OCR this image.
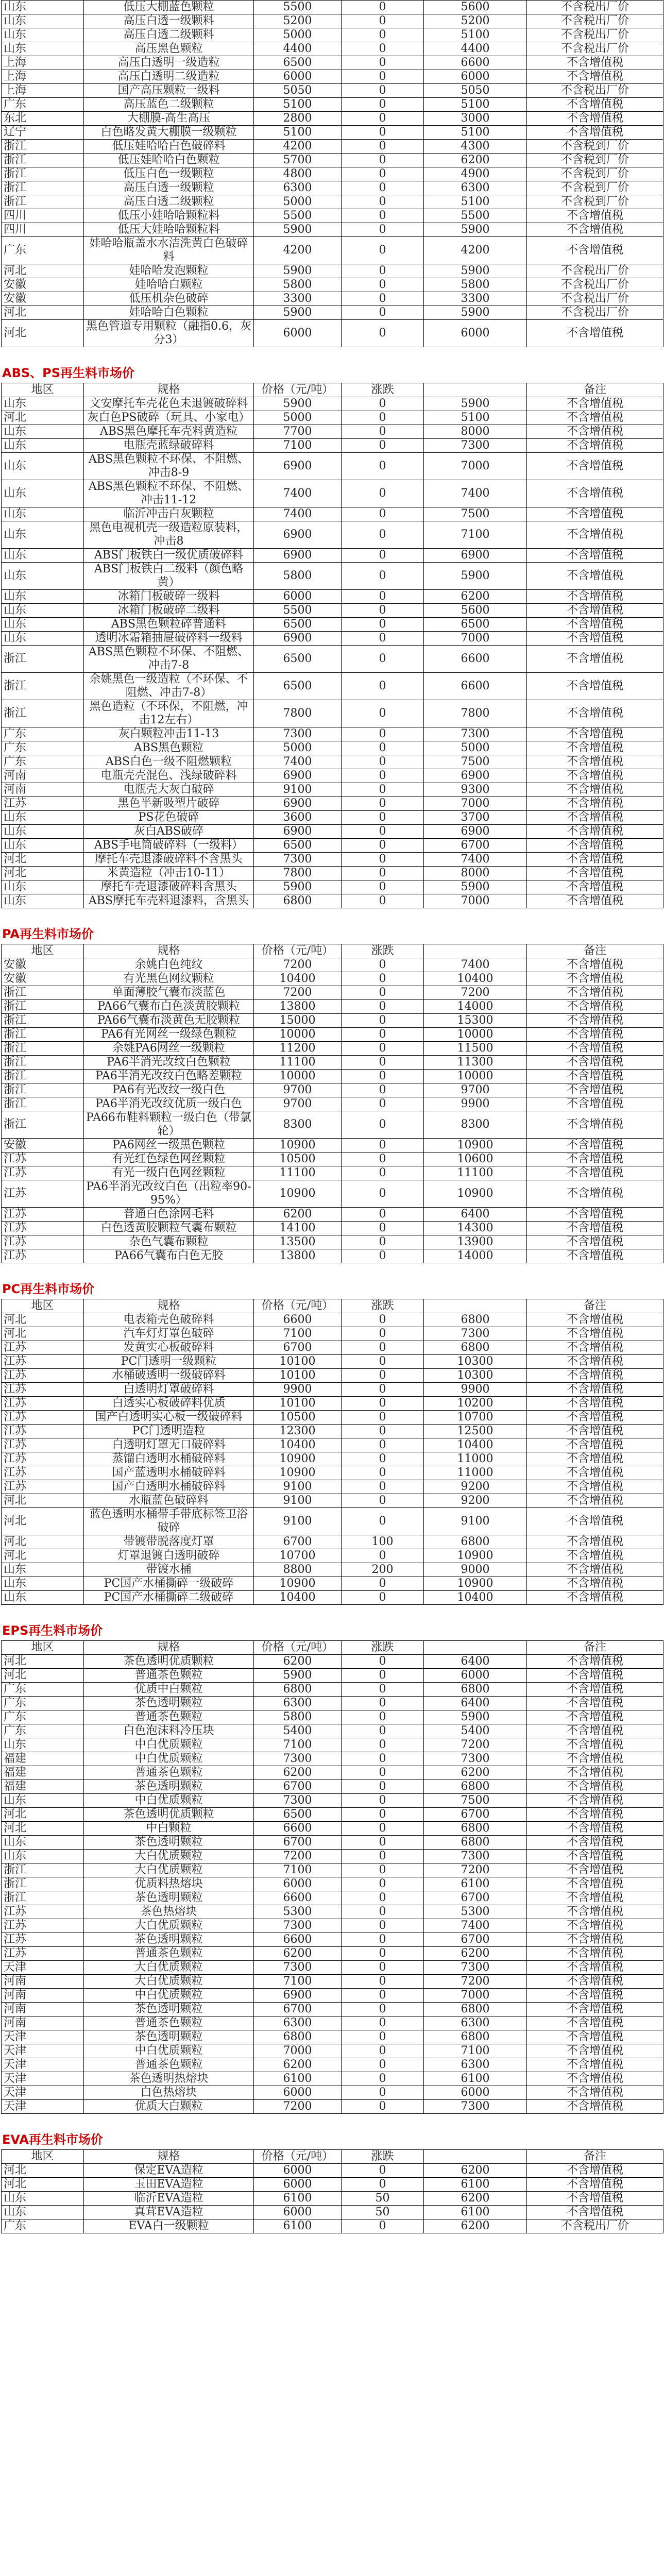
山东	低压大棚蓝色颗粒	5500	0	5600	不含税出厂价
山东	高压白透一级颗料	5200	0	5200	不含税出厂价
山东	高压白透二级颗料	5000	0	5100	不含税出厂价
山东	高压黑色颗粒	4400	0	4400	不含税出厂价
上海	高压白透明一级造粒	6500	0	6600	不含增值税
上海	高压白透明二级造粒	6000	0	6000	不含增值税
上海	国产高压颗粒一级料	5050	0	5050	不含税出厂价
广东	高压蓝色二级颗粒	5100	0	5100	不含增值税
东北	大棚膜-高生高压	2800	0	3000	不含增值税
辽宁	白色略发黄大棚膜一级颗粒	5100	0	5100	不含增值税
浙江	低压娃哈哈白色破碎料	4200	0	4300	不含税到厂价
浙江	低压娃哈哈白色颗粒	5700	0	6200	不含税到厂价
浙江	低压白色一级颗粒	4800	0	4900	不含税到厂价
浙江	高压白透一级颗粒	6300	0	6300	不含税到厂价
浙江	高压白透二级颗粒	5000	0	5100	不含税到厂价
四川	低压小娃哈哈颗粒料	5500	0	5500	不含增值税
四川	低压大娃哈哈颗粒料	5900	0	5900	不含增值税
广东	娃哈哈瓶盖水水洁洗黄白色破碎料	4200	0	4200	不含增值税
河北	娃哈哈发泡颗粒	5900	0	5900	不含税出厂价
安徽	娃哈哈白颗粒	5800	0	5800	不含税出厂价
安徽	低压机杂色破碎	3300	0	3300	不含税出厂价
河北	娃哈哈白色颗粒	5900	0	5900	不含税出厂价
河北	黑色管道专用颗粒（融指0.6，灰分3）	6000	0	6000	不含增值税
ABS、PS再生料市场价
地区	规格	价格（元/吨）	涨跌		备注
山东	文安摩托车壳花色未退镀破碎料	5900	0	5900	不含增值税
河北	灰白色PS破碎（玩具、小家电）	5000	0	5100	不含增值税
山东	ABS黑色摩托车壳料黄造粒	7700	0	8000	不含增值税
山东	电瓶壳蓝绿破碎料	7100	0	7300	不含增值税
山东	ABS黑色颗粒不环保、不阻燃、冲击8-9	6900	0	7000	不含增值税
山东	ABS黑色颗粒不环保、不阻燃、冲击11-12	7400	0	7400	不含增值税
山东	临沂冲击白灰颗粒	7400	0	7500	不含增值税
山东	黑色电视机壳一级造粒原装料，冲击8	6900	0	7100	不含增值税
山东	ABS门板铁白一级优质破碎料	6900	0	6900	不含增值税
山东	ABS门板铁白二级料（颜色略黄）	5800	0	5900	不含增值税
山东	冰箱门板破碎一级料	6000	0	6200	不含增值税
山东	冰箱门板破碎二级料	5500	0	5600	不含增值税
山东	ABS黑色颗粒碎普通料	6500	0	6500	不含增值税
山东	透明冰霜箱抽屉破碎料一级料	6900	0	7000	不含增值税
浙江	ABS黑色颗粒不环保、不阻燃、冲击7-8	6500	0	6600	不含增值税
浙江	余姚黑色一级造粒（不环保、不阻燃、冲击7-8）	6500	0	6600	不含增值税
浙江	黑色造粒（不环保，不阻燃，冲击12左右）	7800	0	7800	不含增值税
广东	灰白颗粒冲击11-13	7300	0	7300	不含增值税
广东	ABS黑色颗粒	5000	0	5000	不含增值税
广东	ABS白色一级不阻燃颗粒	7400	0	7500	不含增值税
河南	电瓶壳壳混色、浅绿破碎料	6900	0	6900	不含增值税
河南	电瓶壳大灰白破碎	9100	0	9300	不含增值税
江苏	黑色半新吸塑片破碎	6900	0	7000	不含增值税
山东	PS花色破碎	3600	0	3700	不含增值税
山东	灰白ABS破碎	6900	0	6900	不含增值税
山东	ABS手电筒破碎料（一级料）	6500	0	6700	不含增值税
河北	摩托车壳退漆破碎料不含黑头	7300	0	7400	不含增值税
河北	米黄造粒（冲击10-11）	7800	0	8000	不含增值税
山东	摩托车壳退漆破碎料含黑头	5900	0	5900	不含增值税
山东	ABS摩托车壳料退漆料，含黑头	6800	0	7000	不含增值税
PA再生料市场价
地区	规格	价格（元/吨）	涨跌		备注
安徽	余姚白色纯纹	7200	0	7400	不含增值税
安徽	有光黑色网纹颗粒	10400	0	10400	不含增值税
浙江	单面薄胶气囊布淡蓝色	7200	0	7200	不含增值税
浙江	PA66气囊布白色淡黄胶颗粒	13800	0	14000	不含增值税
浙江	PA66气囊布淡黄色无胶颗粒	15000	0	15300	不含增值税
浙江	PA6有光网丝一级绿色颗粒	10000	0	10000	不含增值税
浙江	余姚PA6网丝一级颗粒	11200	0	11500	不含增值税
浙江	PA6半消光改纹白色颗粒	11100	0	11300	不含增值税
浙江	PA6半消光改纹白色略差颗粒	10000	0	10000	不含增值税
浙江	PA6有光改纹一级白色	9700	0	9700	不含增值税
浙江	PA6半消光改纹优质一级白色	9700	0	9900	不含增值税
浙江	PA66布鞋料颗粒一级白色（带氯轮）	8300	0	8300	不含增值税
安徽	PA6网丝一级黑色颗粒	10900	0	10900	不含增值税
江苏	有光红色绿色网丝颗粒	10500	0	10600	不含增值税
江苏	有光一级白色网丝颗粒	11100	0	11100	不含增值税
江苏	PA6半消光改纹白色（出粒率90-95%）	10900	0	10900	不含增值税
江苏	普通白色涂网毛料	6200	0	6400	不含增值税
江苏	白色透黄胶颗粒气囊布颗粒	14100	0	14300	不含增值税
江苏	杂色气囊布颗粒	13500	0	13900	不含增值税
江苏	PA66气囊布白色无胶	13800	0	14000	不含增值税
PC再生料市场价
地区	规格	价格（元/吨）	涨跌		备注
河北	电表箱壳色破碎料	6600	0	6800	不含增值税
河北	汽车灯灯罩色破碎	7100	0	7300	不含增值税
江苏	发黄实心板破碎料	6700	0	6800	不含增值税
江苏	PC门透明一级颗粒	10100	0	10300	不含增值税
江苏	水桶破透明一级破碎料	10100	0	10300	不含增值税
江苏	白透明灯罩破碎料	9900	0	9900	不含增值税
江苏	白透实心板破碎料优质	10100	0	10200	不含增值税
江苏	国产白透明实心板一级破碎料	10500	0	10700	不含增值税
江苏	PC门透明造粒	12300	0	12500	不含增值税
江苏	白透明灯罩无口破碎料	10400	0	10400	不含增值税
江苏	蒸馏白透明水桶破碎料	10900	0	11000	不含增值税
江苏	国产蓝透明水桶破碎料	10900	0	11000	不含增值税
江苏	国产白透明水桶破碎料	9100	0	9200	不含增值税
河北	水瓶蓝色破碎料	9100	0	9200	不含增值税
河北	蓝色透明水桶带手带底标签卫浴破碎	9100	0	9100	不含增值税
河北	带镀带脱落度灯罩	6700	100	6800	不含增值税
河北	灯罩退镀白透明破碎	10700	0	10900	不含增值税
山东	带镀水桶	8800	200	9000	不含增值税
山东	PC国产水桶撕碎一级破碎	10900	0	10900	不含增值税
山东	PC国产水桶撕碎二级破碎	10400	0	10400	不含增值税
EPS再生料市场价
地区	规格	价格（元/吨）	涨跌		备注
河北	茶色透明优质颗粒	6200	0	6400	不含增值税
河北	普通茶色颗粒	5900	0	6000	不含增值税
广东	优质中白颗粒	6800	0	6800	不含增值税
广东	茶色透明颗粒	6300	0	6400	不含增值税
广东	普通茶色颗粒	5800	0	5900	不含增值税
广东	白色泡沫料冷压块	5400	0	5400	不含增值税
山东	中白优质颗粒	7100	0	7200	不含增值税
福建	中白优质颗粒	7300	0	7300	不含增值税
福建	普通茶色颗粒	6200	0	6200	不含增值税
福建	茶色透明颗粒	6700	0	6800	不含增值税
山东	中白优质颗粒	7300	0	7500	不含增值税
河北	茶色透明优质颗粒	6500	0	6700	不含增值税
河北	中白颗粒	6600	0	6800	不含增值税
山东	茶色透明颗粒	6700	0	6800	不含增值税
山东	大白优质颗粒	7200	0	7300	不含增值税
浙江	大白优质颗粒	7100	0	7200	不含增值税
浙江	优质料热熔块	6000	0	6100	不含增值税
浙江	茶色透明颗粒	6600	0	6700	不含增值税
江苏	茶色热熔块	5300	0	5300	不含增值税
江苏	大白优质颗粒	7300	0	7400	不含增值税
江苏	茶色透明颗粒	6600	0	6700	不含增值税
江苏	普通茶色颗粒	6200	0	6200	不含增值税
天津	大白优质颗粒	7300	0	7300	不含增值税
河南	大白优质颗粒	7100	0	7200	不含增值税
河南	中白优质颗粒	6900	0	7000	不含增值税
河南	茶色透明颗粒	6700	0	6800	不含增值税
河南	普通茶色颗粒	6300	0	6300	不含增值税
天津	茶色透明颗粒	6800	0	6800	不含增值税
天津	中白优质颗粒	7000	0	7100	不含增值税
天津	普通茶色颗粒	6200	0	6300	不含增值税
天津	茶色透明热熔块	6100	0	6100	不含增值税
天津	白色热熔块	6000	0	6000	不含增值税
天津	优质大白颗粒	7200	0	7300	不含增值税
EVA再生料市场价
地区	规格	价格（元/吨）	涨跌		备注
河北	保定EVA造粒	6000	0	6200	不含增值税
河北	玉田EVA造粒	6000	0	6100	不含增值税
山东	临沂EVA造粒	6100	50	6200	不含增值税
山东	真茸EVA造粒	6000	50	6100	不含增值税
广东	EVA白一级颗粒	6100	0	6200	不含税出厂价
